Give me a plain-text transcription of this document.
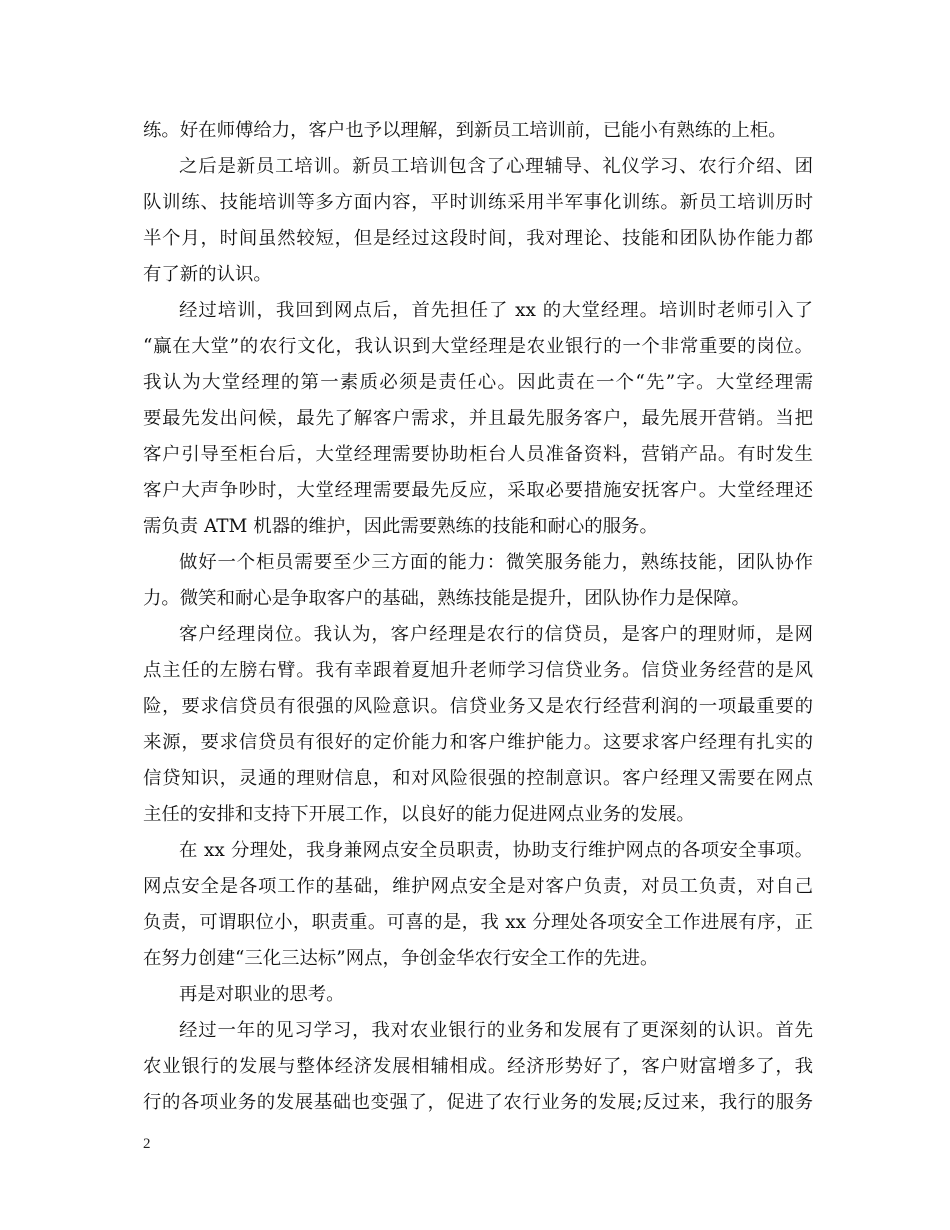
练。好在师傅给力，客户也予以理解，到新员工培训前，已能小有熟练的上柜。
之后是新员工培训。新员工培训包含了心理辅导、礼仪学习、农行介绍、团
队训练、技能培训等多方面内容，平时训练采用半军事化训练。新员工培训历时
半个月，时间虽然较短，但是经过这段时间，我对理论、技能和团队协作能力都
有了新的认识。
经过培训，我回到网点后，首先担任了 xx 的大堂经理。培训时老师引入了
“赢在大堂”的农行文化，我认识到大堂经理是农业银行的一个非常重要的岗位。
我认为大堂经理的第一素质必须是责任心。因此责在一个“先”字。大堂经理需
要最先发出问候，最先了解客户需求，并且最先服务客户，最先展开营销。当把
客户引导至柜台后，大堂经理需要协助柜台人员准备资料，营销产品。有时发生
客户大声争吵时，大堂经理需要最先反应，采取必要措施安抚客户。大堂经理还
需负责 ATM 机器的维护，因此需要熟练的技能和耐心的服务。
做好一个柜员需要至少三方面的能力：微笑服务能力，熟练技能，团队协作
力。微笑和耐心是争取客户的基础，熟练技能是提升，团队协作力是保障。
客户经理岗位。我认为，客户经理是农行的信贷员，是客户的理财师，是网
点主任的左膀右臂。我有幸跟着夏旭升老师学习信贷业务。信贷业务经营的是风
险，要求信贷员有很强的风险意识。信贷业务又是农行经营利润的一项最重要的
来源，要求信贷员有很好的定价能力和客户维护能力。这要求客户经理有扎实的
信贷知识，灵通的理财信息，和对风险很强的控制意识。客户经理又需要在网点
主任的安排和支持下开展工作，以良好的能力促进网点业务的发展。
在 xx 分理处，我身兼网点安全员职责，协助支行维护网点的各项安全事项。
网点安全是各项工作的基础，维护网点安全是对客户负责，对员工负责，对自己
负责，可谓职位小，职责重。可喜的是，我 xx 分理处各项安全工作进展有序，正
在努力创建“三化三达标”网点，争创金华农行安全工作的先进。
再是对职业的思考。
经过一年的见习学习，我对农业银行的业务和发展有了更深刻的认识。首先
农业银行的发展与整体经济发展相辅相成。经济形势好了，客户财富增多了，我
行的各项业务的发展基础也变强了，促进了农行业务的发展;反过来，我行的服务
2
